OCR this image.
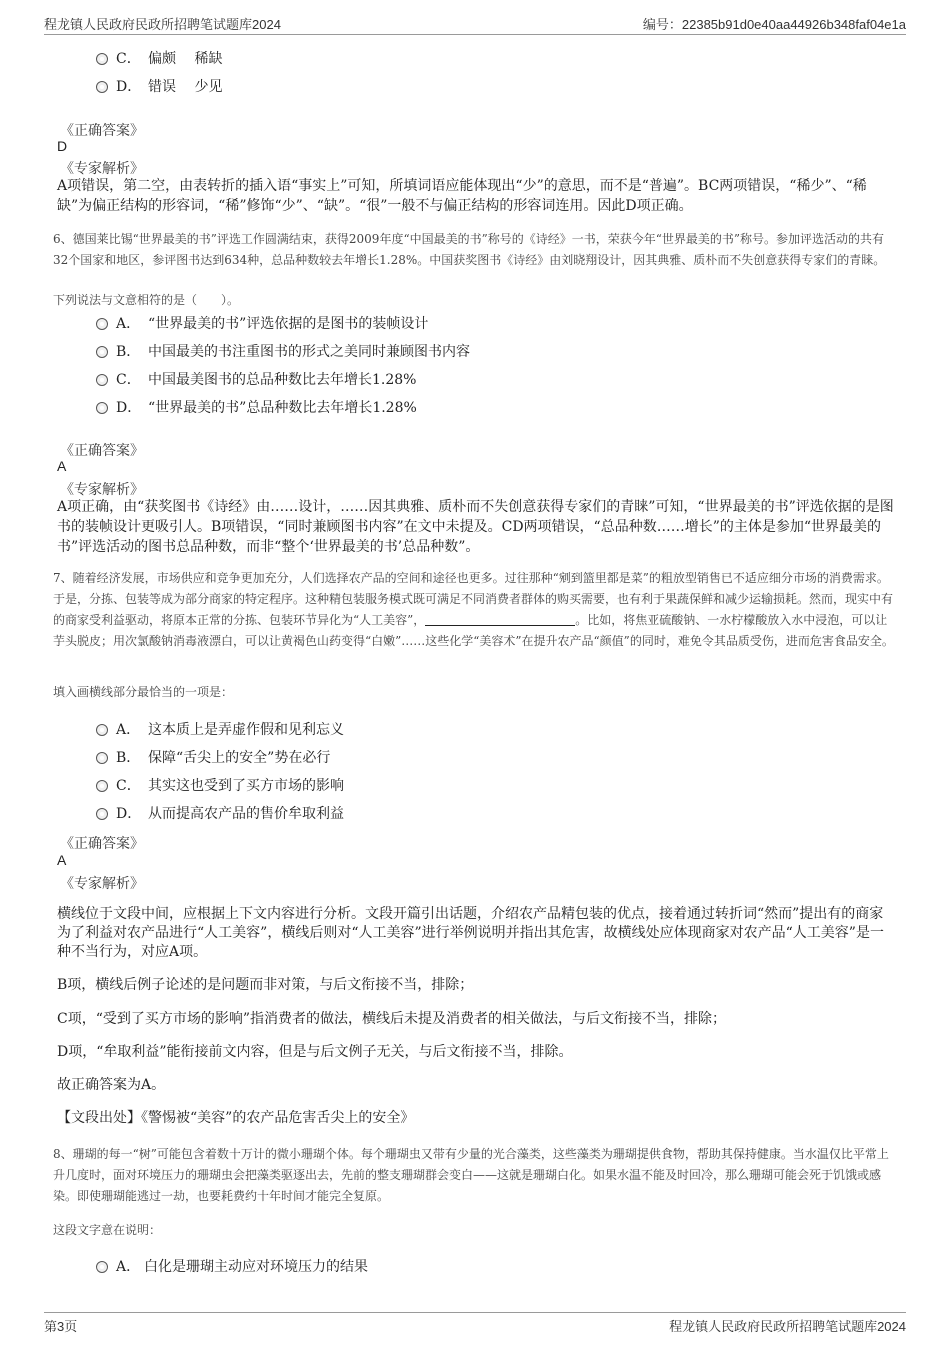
程龙镇人民政府民政所招聘笔试题库2024	编号：22385b91d0e40aa44926b348faf04e1a
C． 偏颇　 稀缺
D． 错误　 少见
《正确答案》
D
《专家解析》
A项错误，第二空，由表转折的插入语“事实上”可知，所填词语应能体现出“少”的意思，而不是“普遍”。BC两项错误，“稀少”、“稀缺”为偏正结构的形容词，“稀”修饰“少”、“缺”。“很”一般不与偏正结构的形容词连用。因此D项正确。
6、德国莱比锡“世界最美的书”评选工作圆满结束，获得2009年度“中国最美的书”称号的《诗经》一书，荣获今年“世界最美的书”称号。参加评选活动的共有32个国家和地区，参评图书达到634种，总品种数较去年增长1.28%。中国获奖图书《诗经》由刘晓翔设计，因其典雅、质朴而不失创意获得专家们的青睐。
下列说法与文意相符的是（　　）。
A． “世界最美的书”评选依据的是图书的装帧设计
B． 中国最美的书注重图书的形式之美同时兼顾图书内容
C． 中国最美图书的总品种数比去年增长1.28%
D． “世界最美的书”总品种数比去年增长1.28%
《正确答案》
A
《专家解析》
A项正确，由“获奖图书《诗经》由……设计，……因其典雅、质朴而不失创意获得专家们的青睐”可知，“世界最美的书”评选依据的是图书的装帧设计更吸引人。B项错误，“同时兼顾图书内容”在文中未提及。CD两项错误，“总品种数……增长”的主体是参加“世界最美的书”评选活动的图书总品种数，而非“整个‘世界最美的书’总品种数”。
7、随着经济发展，市场供应和竞争更加充分，人们选择农产品的空间和途径也更多。过往那种“剜到篮里都是菜”的粗放型销售已不适应细分市场的消费需求。于是，分拣、包装等成为部分商家的特定程序。这种精包装服务模式既可满足不同消费者群体的购买需要，也有利于果蔬保鲜和减少运输损耗。然而，现实中有的商家受利益驱动，将原本正常的分拣、包装环节异化为“人工美容”，	。比如，将焦亚硫酸钠、一水柠檬酸放入水中浸泡，可以让芋头脱皮；用次氯酸钠消毒液漂白，可以让黄褐色山药变得“白嫩”……这些化学“美容术”在提升农产品“颜值”的同时，难免令其品质受伤，进而危害食品安全。
填入画横线部分最恰当的一项是：
A． 这本质上是弄虚作假和见利忘义
B． 保障“舌尖上的安全”势在必行
C． 其实这也受到了买方市场的影响
D． 从而提高农产品的售价牟取利益
《正确答案》
A
《专家解析》
横线位于文段中间，应根据上下文内容进行分析。文段开篇引出话题，介绍农产品精包装的优点，接着通过转折词“然而”提出有的商家为了利益对农产品进行“人工美容”，横线后则对“人工美容”进行举例说明并指出其危害，故横线处应体现商家对农产品“人工美容”是一种不当行为，对应A项。
B项，横线后例子论述的是问题而非对策，与后文衔接不当，排除；
C项，“受到了买方市场的影响”指消费者的做法，横线后未提及消费者的相关做法，与后文衔接不当，排除；
D项，“牟取利益”能衔接前文内容，但是与后文例子无关，与后文衔接不当，排除。
故正确答案为A。
【文段出处】《警惕被“美容”的农产品危害舌尖上的安全》
8、珊瑚的每一“树”可能包含着数十万计的微小珊瑚个体。每个珊瑚虫又带有少量的光合藻类，这些藻类为珊瑚提供食物，帮助其保持健康。当水温仅比平常上升几度时，面对环境压力的珊瑚虫会把藻类驱逐出去，先前的整支珊瑚群会变白——这就是珊瑚白化。如果水温不能及时回冷，那么珊瑚可能会死于饥饿或感染。即使珊瑚能逃过一劫，也要耗费约十年时间才能完全复原。
这段文字意在说明：
A． 白化是珊瑚主动应对环境压力的结果
第3页	程龙镇人民政府民政所招聘笔试题库2024
